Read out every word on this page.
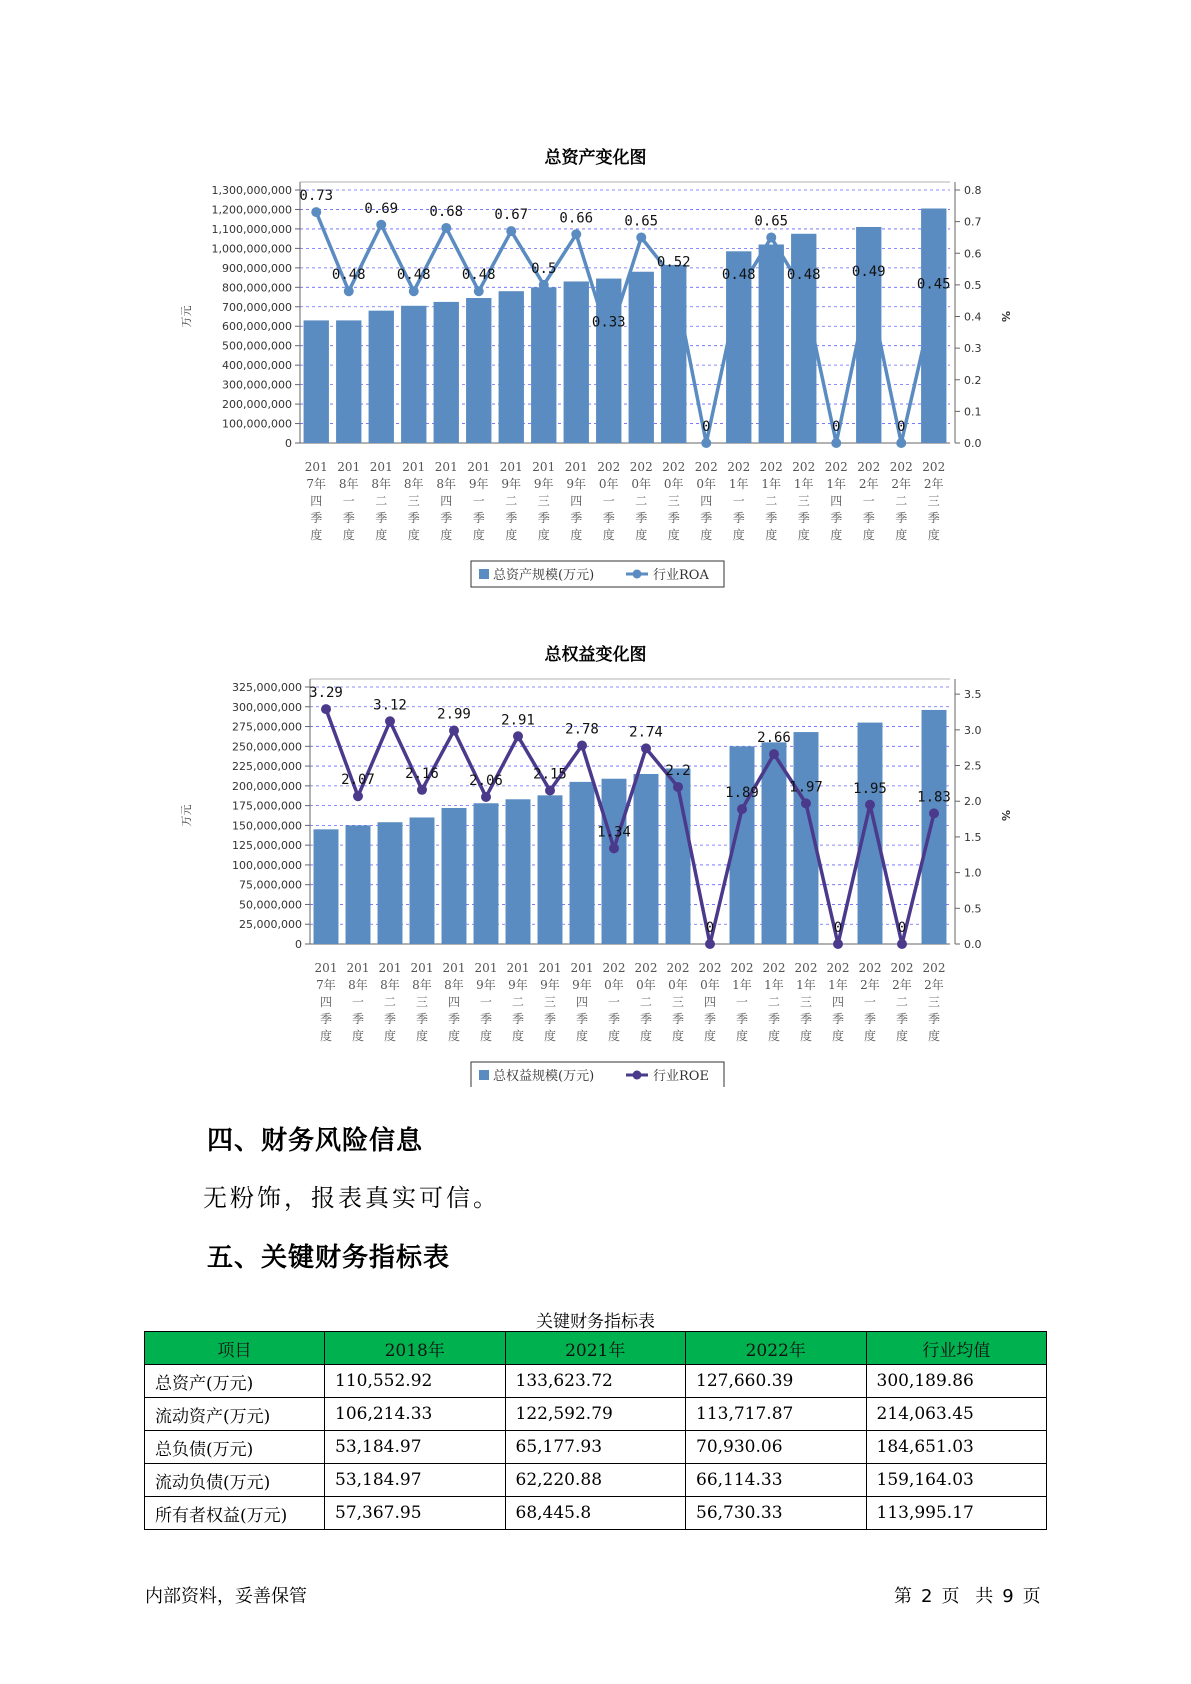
总资产变化图
0
100,000,000
200,000,000
300,000,000
400,000,000
500,000,000
600,000,000
700,000,000
800,000,000
900,000,000
1,000,000,000
1,100,000,000
1,200,000,000
1,300,000,000
0.0
0.1
0.2
0.3
0.4
0.5
0.6
0.7
0.8
万元	%
0.73
0.48
0.69
0.48
0.68
0.48
0.67
0.5
0.66
0.33
0.65
0.52
0
0.48
0.65
0.48
0
0.49
0
0.45
201
7年
四
季
度
201
8年
一
季
度
201
8年
二
季
度
201
8年
三
季
度
201
8年
四
季
度
201
9年
一
季
度
201
9年
二
季
度
201
9年
三
季
度
201
9年
四
季
度
202
0年
一
季
度
202
0年
二
季
度
202
0年
三
季
度
202
0年
四
季
度
202
1年
一
季
度
202
1年
二
季
度
202
1年
三
季
度
202
1年
四
季
度
202
2年
一
季
度
202
2年
二
季
度
202
2年
三
季
度
总资产规模(万元)	行业ROA
总权益变化图
0
25,000,000
50,000,000
75,000,000
100,000,000
125,000,000
150,000,000
175,000,000
200,000,000
225,000,000
250,000,000
275,000,000
300,000,000
325,000,000
0.0
0.5
1.0
1.5
2.0
2.5
3.0
3.5
万元	%
3.29
2.07
3.12
2.16
2.99
2.06
2.91
2.15
2.78
1.34
2.74
2.2
0
1.89
2.66
1.97
0
1.95
0
1.83
201
7年
四
季
度
201
8年
一
季
度
201
8年
二
季
度
201
8年
三
季
度
201
8年
四
季
度
201
9年
一
季
度
201
9年
二
季
度
201
9年
三
季
度
201
9年
四
季
度
202
0年
一
季
度
202
0年
二
季
度
202
0年
三
季
度
202
0年
四
季
度
202
1年
一
季
度
202
1年
二
季
度
202
1年
三
季
度
202
1年
四
季
度
202
2年
一
季
度
202
2年
二
季
度
202
2年
三
季
度
总权益规模(万元)	行业ROE
四、财务风险信息
无粉饰，报表真实可信。
五、关键财务指标表
关键财务指标表
项目	2018年	2021年	2022年	行业均值
总资产(万元)	110,552.92	133,623.72	127,660.39	300,189.86
流动资产(万元)	106,214.33	122,592.79	113,717.87	214,063.45
总负债(万元)	53,184.97	65,177.93	70,930.06	184,651.03
流动负债(万元)	53,184.97	62,220.88	66,114.33	159,164.03
所有者权益(万元)	57,367.95	68,445.8	56,730.33	113,995.17
内部资料，妥善保管	第 2 页 共 9 页
